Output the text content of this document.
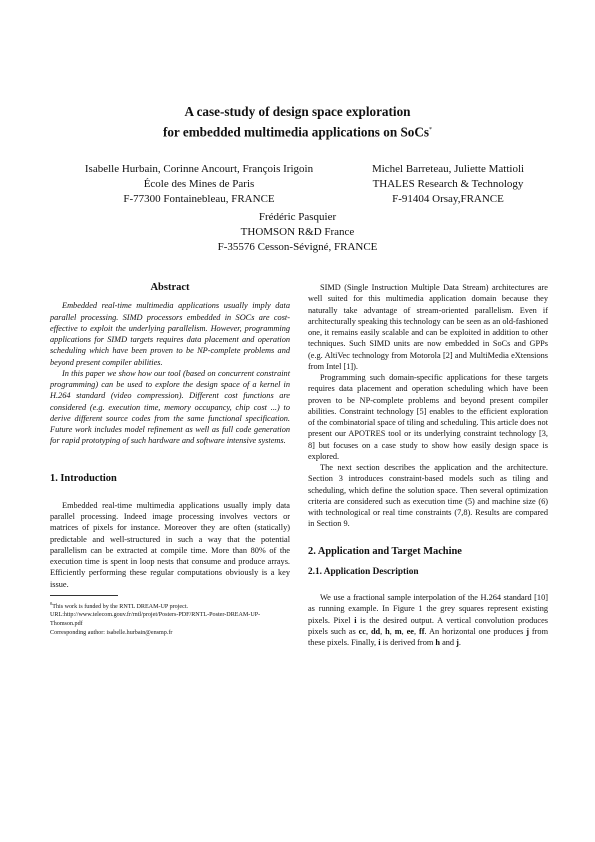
A case-study of design space exploration
for embedded multimedia applications on SoCs*
Isabelle Hurbain, Corinne Ancourt, François Irigoin
École des Mines de Paris
F-77300 Fontainebleau, FRANCE
Michel Barreteau, Juliette Mattioli
THALES Research & Technology
F-91404 Orsay,FRANCE
Frédéric Pasquier
THOMSON R&D France
F-35576 Cesson-Sévigné, FRANCE

Abstract

Embedded real-time multimedia applications usually imply data parallel processing. SIMD processors embedded in SOCs are cost-effective to exploit the underlying parallelism. However, programming applications for SIMD targets requires data placement and operation scheduling which have been proven to be NP-complete problems and beyond present compiler abilities.

In this paper we show how our tool (based on concurrent constraint programming) can be used to explore the design space of a kernel in H.264 standard (video compression). Different cost functions are considered (e.g. execution time, memory occupancy, chip cost ...) to derive different source codes from the same functional specification. Future work includes model refinement as well as full code generation for rapid prototyping of such hardware and software intensive systems.

1. Introduction

Embedded real-time multimedia applications usually imply data parallel processing. Indeed image processing involves vectors or matrices of pixels for instance. Moreover they are often (statically) predictable and well-structured in such a way that the potential parallelism can be extracted at compile time. More than 80% of the execution time is spent in loop nests that consume and produce arrays. Efficiently performing these regular computations obviously is a key issue.

$^0$This work is funded by the RNTL DREAM-UP project. URL:http://www.telecom.gouv.fr/rntl/projet/Posters-PDF/RNTL-Poster-DREAM-UP-Thomson.pdf
Corresponding author: isabelle.hurbain@ensmp.fr

SIMD (Single Instruction Multiple Data Stream) architectures are well suited for this multimedia application domain because they naturally take advantage of stream-oriented parallelism. Even if architecturally speaking this technology can be seen as an old-fashioned one, it remains easily scalable and can be exploited in addition to other techniques. Such SIMD units are now embedded in SoCs and GPPs (e.g. AltiVec technology from Motorola [2] and MultiMedia eXtensions from Intel [1]).

Programming such domain-specific applications for these targets requires data placement and operation scheduling which have been proven to be NP-complete problems and beyond present compiler abilities. Constraint technology [5] enables to the efficient exploration of the combinatorial space of tiling and scheduling. This article does not present our APOTRES tool or its underlying constraint technology [3, 8] but focuses on a case study to show how easily design space is explored.

The next section describes the application and the architecture. Section 3 introduces constraint-based models such as tiling and scheduling, which define the solution space. Then several optimization criteria are considered such as execution time (5) and machine size (6) with technological or real time constraints (7,8). Results are compared in Section 9.

2. Application and Target Machine
2.1. Application Description

We use a fractional sample interpolation of the H.264 standard [10] as running example. In Figure 1 the grey squares represent existing pixels. Pixel i is the desired output. A vertical convolution produces pixels such as cc, dd, h, m, ee, ff. An horizontal one produces j from these pixels. Finally, i is derived from h and j.
